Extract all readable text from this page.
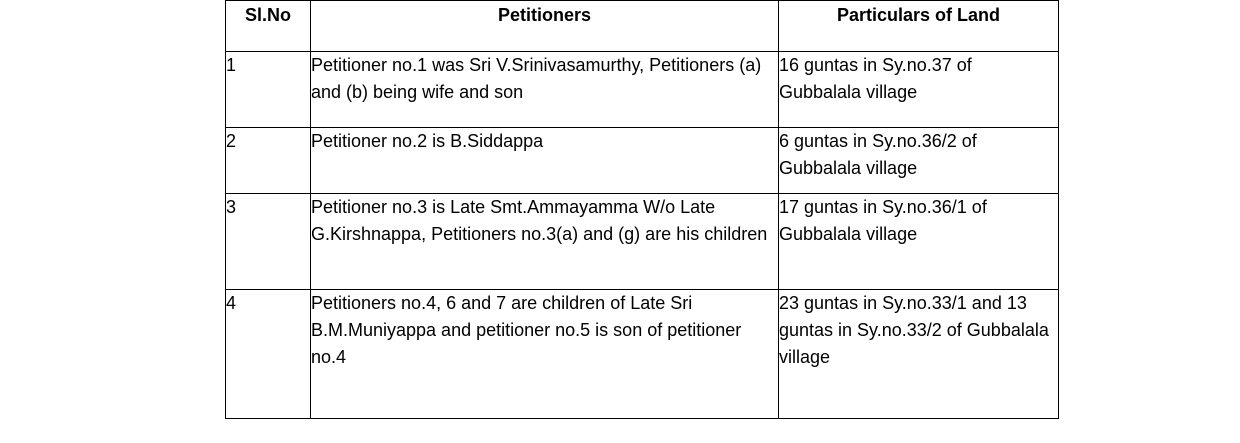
Sl.No	Petitioners	Particulars of Land

1	Petitioner no.1 was Sri V.Srinivasamurthy, Petitioners (a) and (b) being wife and son	16 guntas in Sy.no.37 of Gubbalala village

2	Petitioner no.2 is B.Siddappa	6 guntas in Sy.no.36/2 of Gubbalala village

3	Petitioner no.3 is Late Smt.Ammayamma W/o Late G.Kirshnappa, Petitioners no.3(a) and (g) are his children	17 guntas in Sy.no.36/1 of Gubbalala village

4	Petitioners no.4, 6 and 7 are children of Late Sri B.M.Muniyappa and petitioner no.5 is son of petitioner no.4	23 guntas in Sy.no.33/1 and 13 guntas in Sy.no.33/2 of Gubbalala village
